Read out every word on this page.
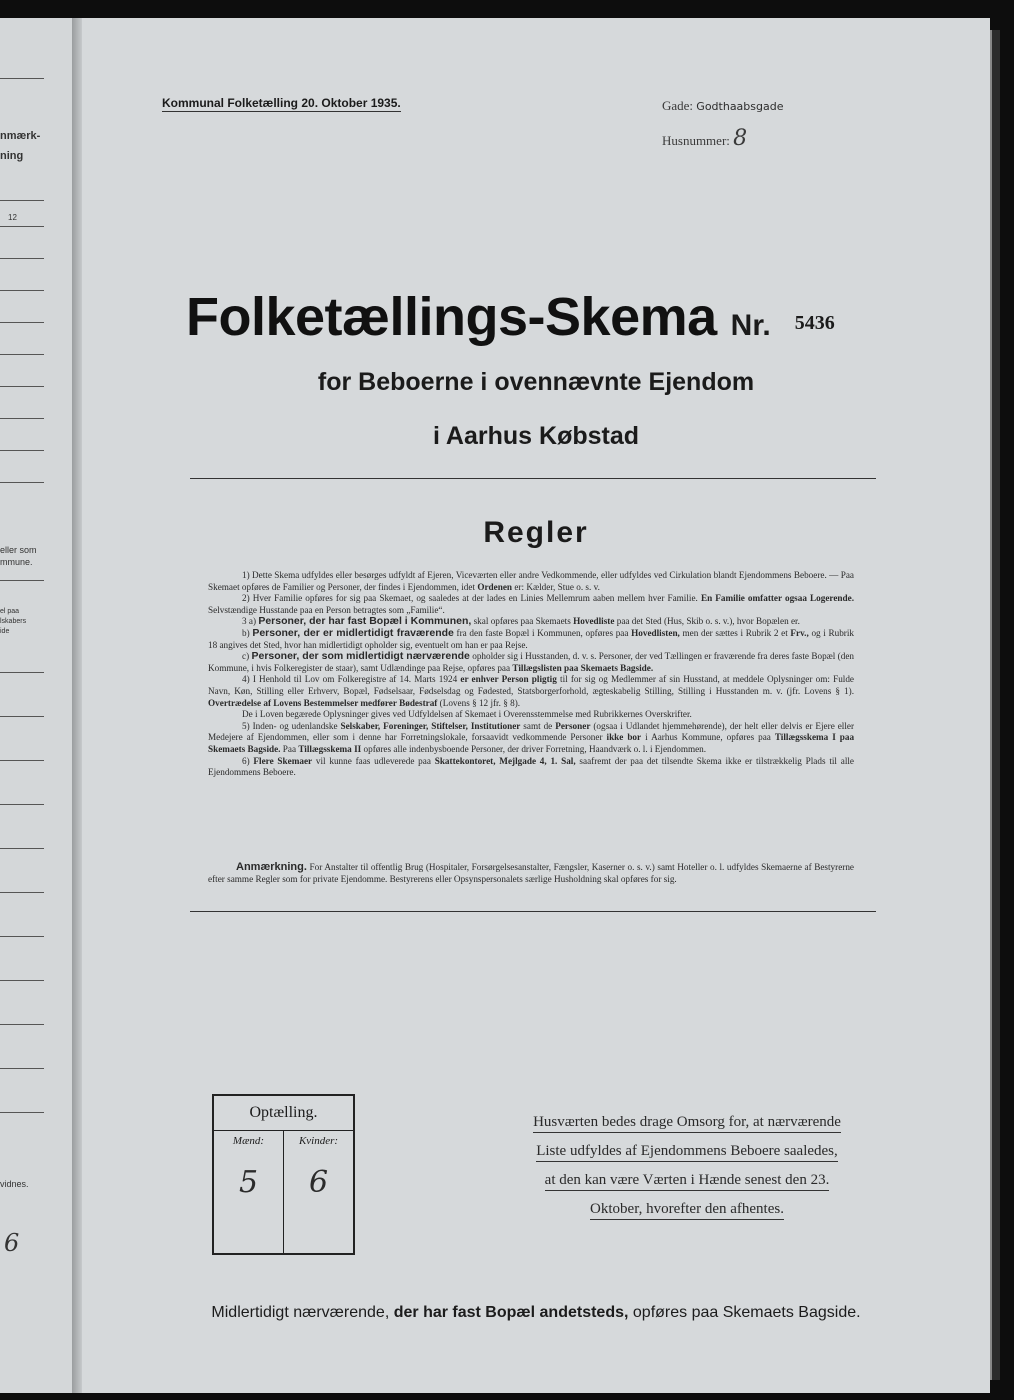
nmærk-
ning
12
eller som
mmune.
el paa
lskabers
ide
vidnes.
6
Kommunal Folketælling 20. Oktober 1935.	Gade: Godthaabsgade
Husnummer: 8
Folketællings-Skema Nr. 5436
for Beboerne i ovennævnte Ejendom
i Aarhus Købstad
Regler

1) Dette Skema udfyldes eller besørges udfyldt af Ejeren, Viceværten eller andre Vedkommende, eller udfyldes ved Cirkulation blandt Ejendommens Beboere. — Paa Skemaet opføres de Familier og Personer, der findes i Ejendommen, idet Ordenen er: Kælder, Stue o. s. v.

2) Hver Familie opføres for sig paa Skemaet, og saaledes at der lades en Linies Mellemrum aaben mellem hver Familie. En Familie omfatter ogsaa Logerende. Selvstændige Husstande paa en Person betragtes som „Familie“.

3 a) Personer, der har fast Bopæl i Kommunen, skal opføres paa Skemaets Hovedliste paa det Sted (Hus, Skib o. s. v.), hvor Bopælen er.

b) Personer, der er midlertidigt fraværende fra den faste Bopæl i Kommunen, opføres paa Hovedlisten, men der sættes i Rubrik 2 et Frv., og i Rubrik 18 angives det Sted, hvor han midlertidigt opholder sig, eventuelt om han er paa Rejse.

c) Personer, der som midlertidigt nærværende opholder sig i Husstanden, d. v. s. Personer, der ved Tællingen er fraværende fra deres faste Bopæl (den Kommune, i hvis Folkeregister de staar), samt Udlændinge paa Rejse, opføres paa Tillægslisten paa Skemaets Bagside.

4) I Henhold til Lov om Folkeregistre af 14. Marts 1924 er enhver Person pligtig til for sig og Medlemmer af sin Husstand, at meddele Oplysninger om: Fulde Navn, Køn, Stilling eller Erhverv, Bopæl, Fødselsaar, Fødselsdag og Fødested, Statsborgerforhold, ægteskabelig Stilling, Stilling i Husstanden m. v. (jfr. Lovens § 1). Overtrædelse af Lovens Bestemmelser medfører Bødestraf (Lovens § 12 jfr. § 8).

De i Loven begærede Oplysninger gives ved Udfyldelsen af Skemaet i Overensstemmelse med Rubrikkernes Overskrifter.

5) Inden- og udenlandske Selskaber, Foreninger, Stiftelser, Institutioner samt de Personer (ogsaa i Udlandet hjemmehørende), der helt eller delvis er Ejere eller Medejere af Ejendommen, eller som i denne har Forretningslokale, forsaavidt vedkommende Personer ikke bor i Aarhus Kommune, opføres paa Tillægsskema I paa Skemaets Bagside. Paa Tillægsskema II opføres alle indenbysboende Personer, der driver Forretning, Haandværk o. l. i Ejendommen.

6) Flere Skemaer vil kunne faas udleverede paa Skattekontoret, Mejlgade 4, 1. Sal, saafremt der paa det tilsendte Skema ikke er tilstrækkelig Plads til alle Ejendommens Beboere.

Anmærkning. For Anstalter til offentlig Brug (Hospitaler, Forsørgelsesanstalter, Fængsler, Kaserner o. s. v.) samt Hoteller o. l. udfyldes Skemaerne af Bestyrerne efter samme Regler som for private Ejendomme. Bestyrerens eller Opsynspersonalets særlige Husholdning skal opføres for sig.

Optælling.
Mænd:
5
Kvinder:
6
Husværten bedes drage Omsorg for, at nærværende
Liste udfyldes af Ejendommens Beboere saaledes,
at den kan være Værten i Hænde senest den 23.
Oktober, hvorefter den afhentes.
Midlertidigt nærværende, der har fast Bopæl andetsteds, opføres paa Skemaets Bagside.
